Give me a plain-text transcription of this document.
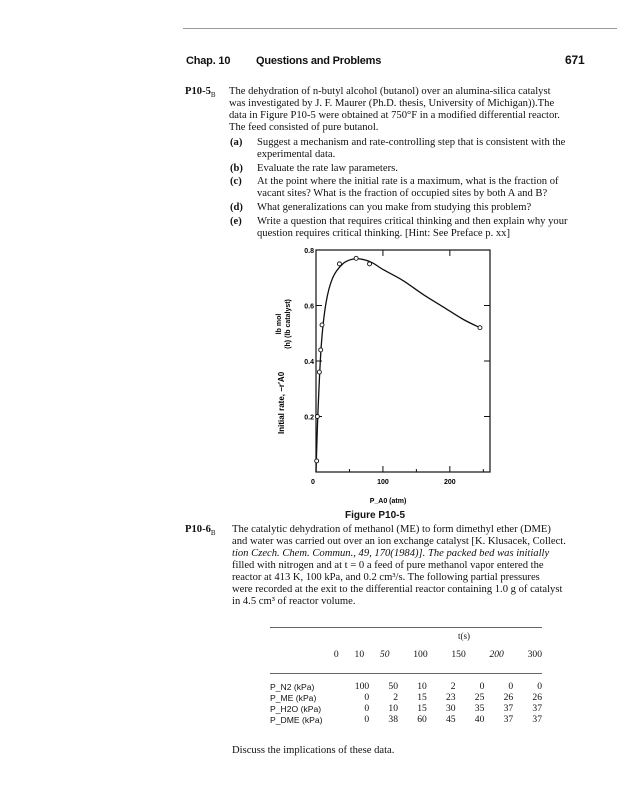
Chap. 10 Questions and Problems	671
$P10-5_B$ The dehydration of n-butyl alcohol (butanol) over an alumina-silica catalyst
was investigated by J. F. Maurer (Ph.D. thesis, University of Michigan)).The
data in Figure P10-5 were obtained at 750°F in a modified differential reactor.
The feed consisted of pure butanol.
(a)	Suggest a mechanism and rate-controlling step that is consistent with the
experimental data.
(b)	Evaluate the rate law parameters.
(c)	At the point where the initial rate is a maximum, what is the fraction of
vacant sites? What is the fraction of occupied sites by both A and B?
(d)	What generalizations can you make from studying this problem?
(e)	Write a question that requires critical thinking and then explain why your
question requires critical thinking. [Hint: See Preface p. xx]
0.2
0.4
0.6
0.8
0	100	200
Initial rate, −r′A0
lb mol (h) (lb catalyst)
P_A0 (atm)
Figure P10-5
$P10-6_B$ The catalytic dehydration of methanol (ME) to form dimethyl ether (DME)
and water was carried out over an ion exchange catalyst [K. Klusacek, Collect.
tion Czech. Chem. Commun., 49, 170(1984)]. The packed bed was initially
filled with nitrogen and at t = 0 a feed of pure methanol vapor entered the
reactor at 413 K, 100 kPa, and 0.2 cm³/s. The following partial pressures
were recorded at the exit to the differential reactor containing 1.0 g of catalyst
in 4.5 cm³ of reactor volume.
	t(s)						

	0	10	50	100	150	200	300

P_N2 (kPa)	100	50	10	2	0	0	0
P_ME (kPa)	0	2	15	23	25	26	26
P_H2O (kPa)	0	10	15	30	35	37	37
P_DME (kPa)	0	38	60	45	40	37	37
Discuss the implications of these data.
